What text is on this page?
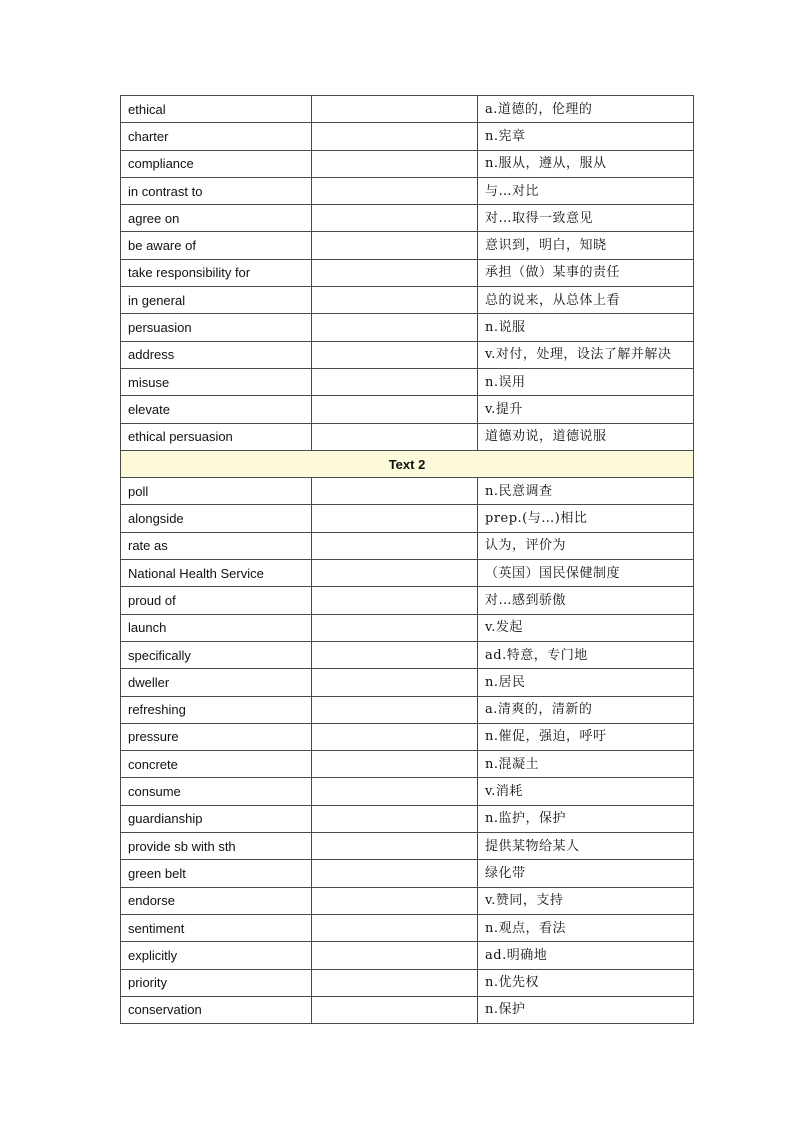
ethical		a.道德的，伦理的
charter		n.宪章
compliance		n.服从，遵从，服从
in contrast to		与…对比
agree on		对…取得一致意见
be aware of		意识到，明白，知晓
take responsibility for		承担（做）某事的责任
in general		总的说来，从总体上看
persuasion		n.说服
address		v.对付，处理，设法了解并解决
misuse		n.误用
elevate		v.提升
ethical persuasion		道德劝说，道德说服
Text 2		
poll		n.民意调查
alongside		prep.(与…)相比
rate as		认为，评价为
National Health Service		（英国）国民保健制度
proud of		对…感到骄傲
launch		v.发起
specifically		ad.特意，专门地
dweller		n.居民
refreshing		a.清爽的，清新的
pressure		n.催促，强迫，呼吁
concrete		n.混凝土
consume		v.消耗
guardianship		n.监护，保护
provide sb with sth		提供某物给某人
green belt		绿化带
endorse		v.赞同，支持
sentiment		n.观点，看法
explicitly		ad.明确地
priority		n.优先权
conservation		n.保护
